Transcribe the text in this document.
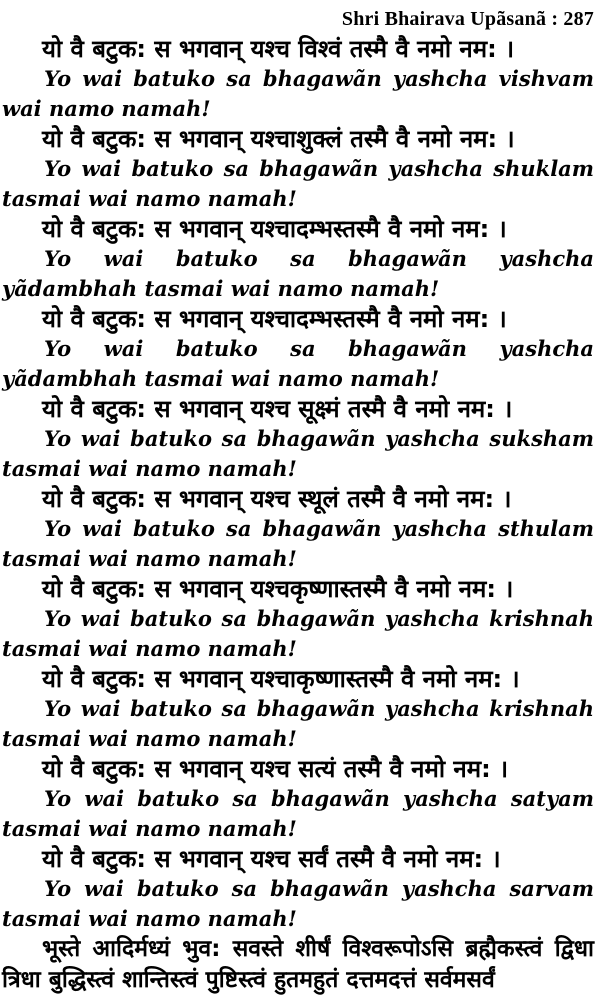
Shri Bhairava Upãsanã : 287

यो वै बटुक: स भगवान् यश्च विश्वं तस्मै वै नमो नम: ।

Yo wai batuko sa bhagawãn yashcha vishvam wai namo namah!

यो वै बटुक: स भगवान् यश्चाशुक्लं तस्मै वै नमो नम: ।

Yo wai batuko sa bhagawãn yashcha shuklam tasmai wai namo namah!

यो वै बटुक: स भगवान् यश्चादम्भस्तस्मै वै नमो नम: ।

Yo wai batuko sa bhagawãn yashcha yãdambhah tasmai wai namo namah!

यो वै बटुक: स भगवान् यश्चादम्भस्तस्मै वै नमो नम: ।

Yo wai batuko sa bhagawãn yashcha yãdambhah tasmai wai namo namah!

यो वै बटुक: स भगवान् यश्च सूक्ष्मं तस्मै वै नमो नम: ।

Yo wai batuko sa bhagawãn yashcha suksham tasmai wai namo namah!

यो वै बटुक: स भगवान् यश्च स्थूलं तस्मै वै नमो नम: ।

Yo wai batuko sa bhagawãn yashcha sthulam tasmai wai namo namah!

यो वै बटुक: स भगवान् यश्चकृष्णास्तस्मै वै नमो नम: ।

Yo wai batuko sa bhagawãn yashcha krishnah tasmai wai namo namah!

यो वै बटुक: स भगवान् यश्चाकृष्णास्तस्मै वै नमो नम: ।

Yo wai batuko sa bhagawãn yashcha krishnah tasmai wai namo namah!

यो वै बटुक: स भगवान् यश्च सत्यं तस्मै वै नमो नम: ।

Yo wai batuko sa bhagawãn yashcha satyam tasmai wai namo namah!

यो वै बटुक: स भगवान् यश्च सर्वं तस्मै वै नमो नम: ।

Yo wai batuko sa bhagawãn yashcha sarvam tasmai wai namo namah!

भूस्ते आदिर्मध्यं भुव: सवस्ते शीर्षं विश्वरूपोऽसि ब्रह्मैकस्त्वं द्विधा त्रिधा बुद्धिस्त्वं शान्तिस्त्वं पुष्टिस्त्वं हुतमहुतं दत्तमदत्तं सर्वमसर्वं
